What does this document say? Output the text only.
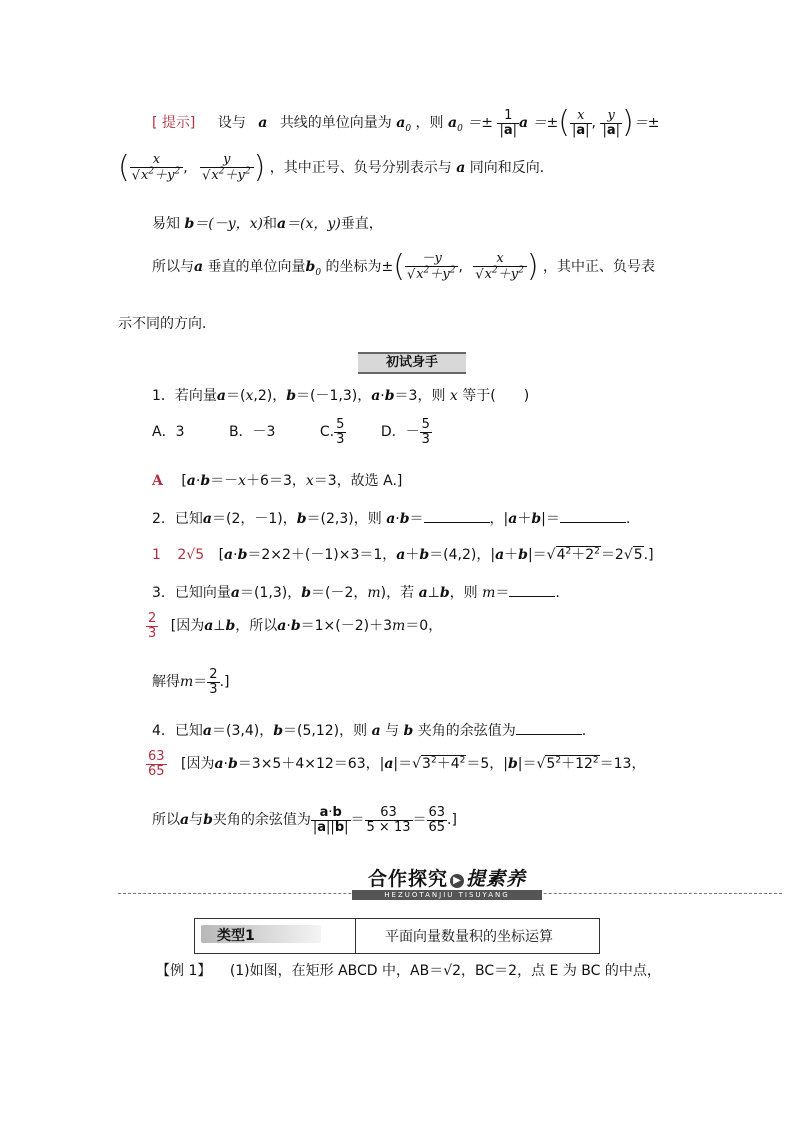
[ 提示] 设与 a 共线的单位向量为 $a_0$ ，则 $a_0 =\pm \frac{1}{|a|}$ a ＝±( $\frac{x}{|a|}$ , $\frac{y}{|a|}$ )＝±
( $\frac{x}{√x^2+y^2}$ , $\frac{y}{√x^2+y^2}$ ) ，其中正号、负号分别表示与 a 同向和反向．
易知 b＝(－y，x)和a＝(x，y)垂直，
所以与a 垂直的单位向量$b_0$ 的坐标为±( $\frac{-y}{√x^2+y^2}$ , $\frac{x}{√x^2+y^2}$ ) ，其中正、负号表
示不同的方向．
初试身手
1．若向量a＝(x,2)，b＝(－1,3)，a·b＝3，则 x 等于(　　)
A．3	B．－3	C. $\frac{5}{3}$ D．－ $\frac{5}{3}$
A [a·b＝－x＋6＝3，x＝3，故选 A.]
2．已知a＝(2，－1)，b＝(2,3)，则 a·b＝	，|a＋b|＝	.
1 2√5 [a·b＝2×2＋(－1)×3＝1，a＋b＝(4,2)，$|a+b|=√4^2+2^2=2√5$.]
3．已知向量a＝(1,3)，b＝(－2，m)，若 a⊥b，则 m＝	.
$\frac{2}{3}$ [因为a⊥b，所以a·b＝1×(－2)＋3m＝0，
解得$m= \frac{2}{3}$ .]
4．已知a＝(3,4)，b＝(5,12)，则 a 与 b 夹角的余弦值为	.
$\frac{63}{65}$ [因为a·b＝3×5＋4×12＝63，$|a|=√3^2+4^2=5$，$|b|=√5^2+12^2=13$，
所以a与b夹角的余弦值为 $\frac{a\cdot b}{|a||b|} = \frac{63}{5 \times 13} = \frac{63}{65}$ .]
合作探究 ▶ 提素养
HEZUOTANJIU TISUYANG
类型1	平面向量数量积的坐标运算
【例 1】 (1)如图，在矩形 ABCD 中，AB＝√2，BC＝2，点 E 为 BC 的中点，
